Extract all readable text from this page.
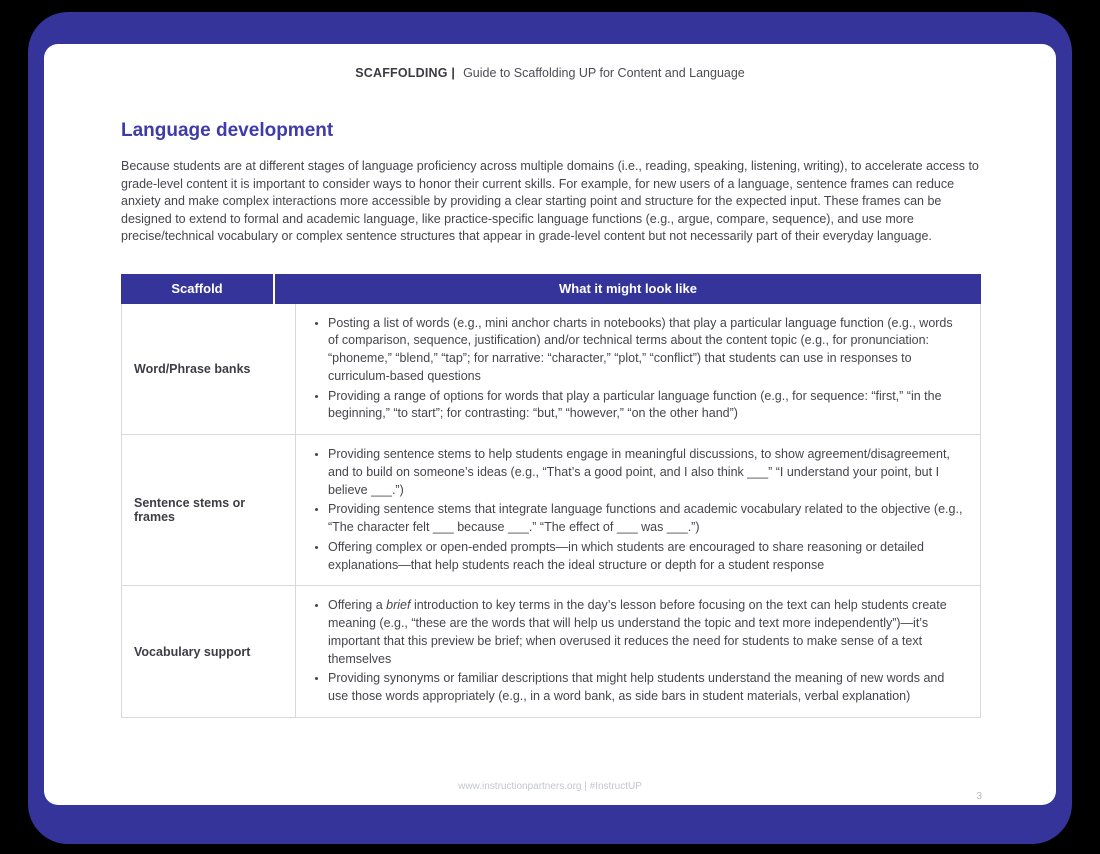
SCAFFOLDING | Guide to Scaffolding UP for Content and Language
Language development

Because students are at different stages of language proficiency across multiple domains (i.e., reading, speaking, listening, writing), to accelerate access to grade-level content it is important to consider ways to honor their current skills. For example, for new users of a language, sentence frames can reduce anxiety and make complex interactions more accessible by providing a clear starting point and structure for the expected input. These frames can be designed to extend to formal and academic language, like practice-specific language functions (e.g., argue, compare, sequence), and use more precise/technical vocabulary or complex sentence structures that appear in grade-level content but not necessarily part of their everyday language.

Scaffold	What it might look like
Word/Phrase banks
• Posting a list of words (e.g., mini anchor charts in notebooks) that play a particular language function (e.g., words of comparison, sequence, justification) and/or technical terms about the content topic (e.g., for pronunciation: “phoneme,” “blend,” “tap”; for narrative: “character,” “plot,” “conflict”) that students can use in responses to curriculum-based questions
• Providing a range of options for words that play a particular language function (e.g., for sequence: “first,” “in the beginning,” “to start”; for contrasting: “but,” “however,” “on the other hand”)
Sentence stems or frames
• Providing sentence stems to help students engage in meaningful discussions, to show agreement/disagreement, and to build on someone’s ideas (e.g., “That’s a good point, and I also think ___” “I understand your point, but I believe ___.”)
• Providing sentence stems that integrate language functions and academic vocabulary related to the objective (e.g., “The character felt ___ because ___.” “The effect of ___ was ___.”)
• Offering complex or open-ended prompts—in which students are encouraged to share reasoning or detailed explanations—that help students reach the ideal structure or depth for a student response
Vocabulary support
• Offering a brief introduction to key terms in the day’s lesson before focusing on the text can help students create meaning (e.g., “these are the words that will help us understand the topic and text more independently”)—it’s important that this preview be brief; when overused it reduces the need for students to make sense of a text themselves
• Providing synonyms or familiar descriptions that might help students understand the meaning of new words and use those words appropriately (e.g., in a word bank, as side bars in student materials, verbal explanation)
www.instructionpartners.org | #InstructUP
3
